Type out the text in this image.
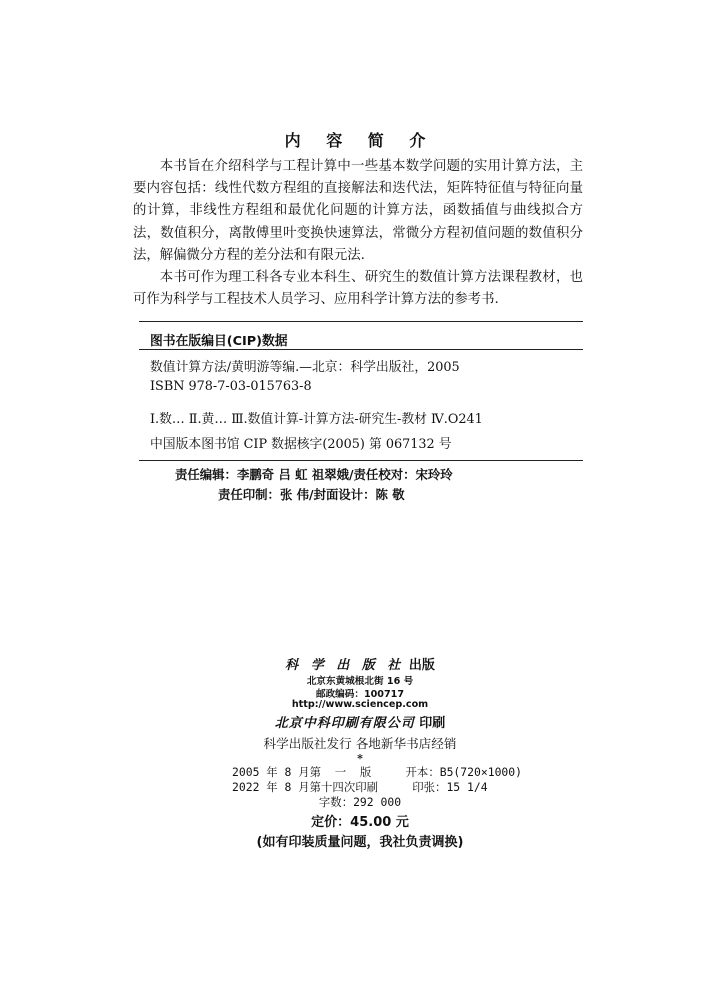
内 容 简 介

本书旨在介绍科学与工程计算中一些基本数学问题的实用计算方法，主要内容包括：线性代数方程组的直接解法和迭代法，矩阵特征值与特征向量的计算，非线性方程组和最优化问题的计算方法，函数插值与曲线拟合方法，数值积分，离散傅里叶变换快速算法，常微分方程初值问题的数值积分法，解偏微分方程的差分法和有限元法.

本书可作为理工科各专业本科生、研究生的数值计算方法课程教材，也可作为科学与工程技术人员学习、应用科学计算方法的参考书.

图书在版编目(CIP)数据
数值计算方法/黄明游等编.—北京：科学出版社，2005
ISBN 978-7-03-015763-8
Ⅰ.数… Ⅱ.黄… Ⅲ.数值计算-计算方法-研究生-教材 Ⅳ.O241
中国版本图书馆 CIP 数据核字(2005) 第 067132 号
责任编辑：李鹏奇 吕 虹 祖翠娥/责任校对：宋玲玲
责任印制：张 伟/封面设计：陈 敬
科 学 出 版 社 出版
北京东黄城根北街 16 号
邮政编码：100717
http://www.sciencep.com
北京中科印刷有限公司 印刷
科学出版社发行 各地新华书店经销
*
2005 年 8 月第  一  版     开本：B5(720×1000)
2022 年 8 月第十四次印刷     印张：15 1/4
字数：292 000
定价：45.00 元
(如有印装质量问题，我社负责调换)
